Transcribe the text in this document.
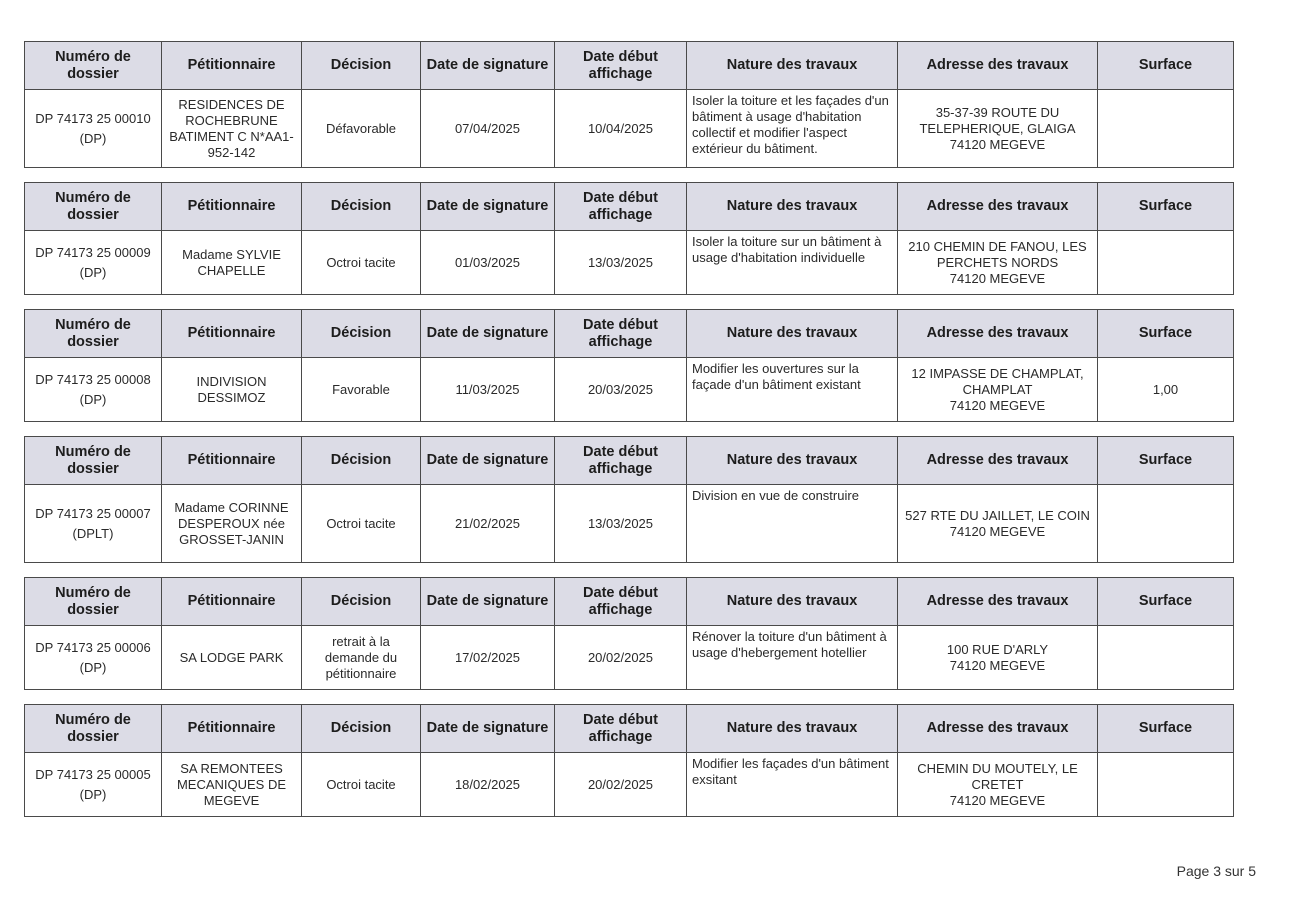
Numéro de dossier	Pétitionnaire	Décision	Date de signature	Date début affichage	Nature des travaux	Adresse des travaux	Surface

DP 74173 25 00010
(DP)	RESIDENCES DE ROCHEBRUNE BATIMENT C N*AA1-952-142	Défavorable	07/04/2025	10/04/2025	Isoler la toiture et les façades d'un bâtiment à usage d'habitation collectif et modifier l'aspect extérieur du bâtiment.	35-37-39 ROUTE DU TELEPHERIQUE, GLAIGA
74120 MEGEVE	

Numéro de dossier	Pétitionnaire	Décision	Date de signature	Date début affichage	Nature des travaux	Adresse des travaux	Surface

DP 74173 25 00009
(DP)	Madame SYLVIE CHAPELLE	Octroi tacite	01/03/2025	13/03/2025	Isoler la toiture sur un bâtiment à usage d'habitation individuelle	210 CHEMIN DE FANOU, LES PERCHETS NORDS
74120 MEGEVE	

Numéro de dossier	Pétitionnaire	Décision	Date de signature	Date début affichage	Nature des travaux	Adresse des travaux	Surface

DP 74173 25 00008
(DP)	INDIVISION DESSIMOZ	Favorable	11/03/2025	20/03/2025	Modifier les ouvertures sur la façade d'un bâtiment existant	12 IMPASSE DE CHAMPLAT, CHAMPLAT
74120 MEGEVE	1,00
Numéro de dossier	Pétitionnaire	Décision	Date de signature	Date début affichage	Nature des travaux	Adresse des travaux	Surface

DP 74173 25 00007
(DPLT)	Madame CORINNE DESPEROUX née GROSSET-JANIN	Octroi tacite	21/02/2025	13/03/2025	Division en vue de construire	527 RTE DU JAILLET, LE COIN
74120 MEGEVE	

Numéro de dossier	Pétitionnaire	Décision	Date de signature	Date début affichage	Nature des travaux	Adresse des travaux	Surface

DP 74173 25 00006
(DP)	SA LODGE PARK	retrait à la demande du pétitionnaire	17/02/2025	20/02/2025	Rénover la toiture d'un bâtiment à usage d'hebergement hotellier	100 RUE D'ARLY
74120 MEGEVE	

Numéro de dossier	Pétitionnaire	Décision	Date de signature	Date début affichage	Nature des travaux	Adresse des travaux	Surface

DP 74173 25 00005
(DP)	SA REMONTEES MECANIQUES DE MEGEVE	Octroi tacite	18/02/2025	20/02/2025	Modifier les façades d'un bâtiment exsitant	CHEMIN DU MOUTELY, LE CRETET
74120 MEGEVE	

Page 3 sur 5
